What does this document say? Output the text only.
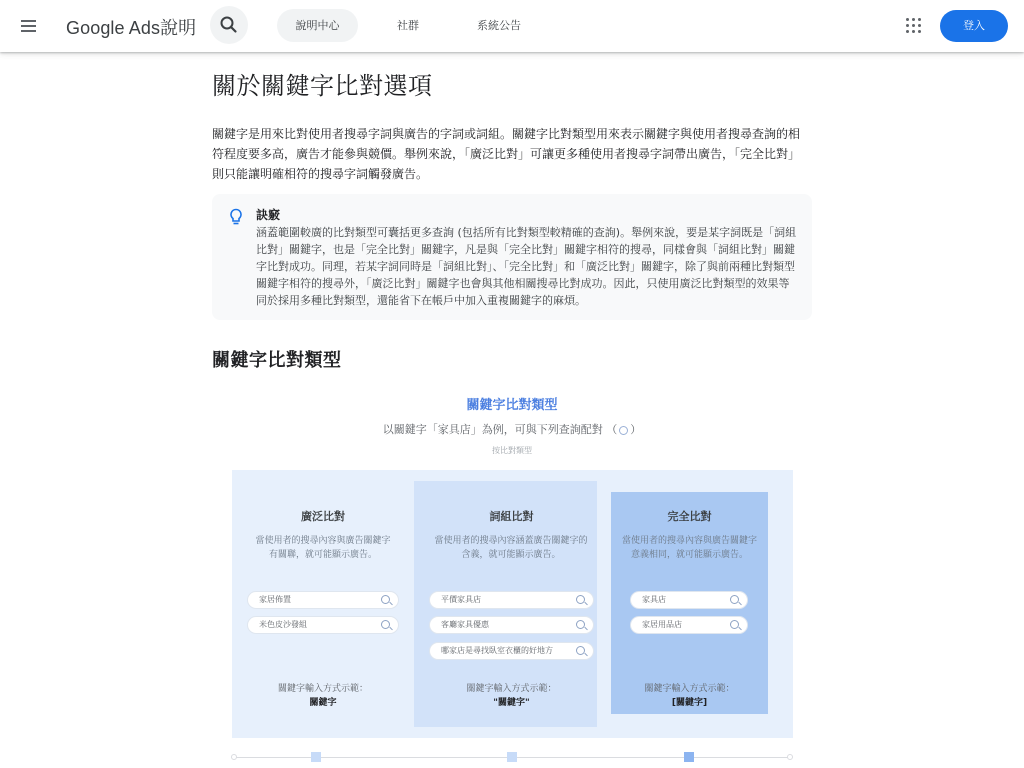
Google Ads說明	說明中心	社群	系統公告	登入
關於關鍵字比對選項

關鍵字是用來比對使用者搜尋字詞與廣告的字詞或詞組。關鍵字比對類型用來表示關鍵字與使用者搜尋查詢的相符程度要多高，廣告才能參與競價。舉例來說，「廣泛比對」可讓更多種使用者搜尋字詞帶出廣告，「完全比對」則只能讓明確相符的搜尋字詞觸發廣告。

訣竅
涵蓋範圍較廣的比對類型可囊括更多查詢 (包括所有比對類型較精確的查詢)。舉例來說，要是某字詞既是「詞組比對」關鍵字，也是「完全比對」關鍵字，凡是與「完全比對」關鍵字相符的搜尋，同樣會與「詞組比對」關鍵字比對成功。同理，若某字詞同時是「詞組比對」、「完全比對」和「廣泛比對」關鍵字，除了與前兩種比對類型關鍵字相符的搜尋外，「廣泛比對」關鍵字也會與其他相關搜尋比對成功。因此，只使用廣泛比對類型的效果等同於採用多種比對類型，還能省下在帳戶中加入重複關鍵字的麻煩。
關鍵字比對類型
關鍵字比對類型
以關鍵字「家具店」為例，可與下列查詢配對 （ ）
按比對類型
廣泛比對
當使用者的搜尋內容與廣告關鍵字有關聯，就可能顯示廣告。
家居佈置
米色皮沙發組
關鍵字輸入方式示範：
關鍵字
詞組比對
當使用者的搜尋內容涵蓋廣告關鍵字的含義，就可能顯示廣告。
平價家具店
客廳家具優惠
哪家店是尋找臥室衣櫃的好地方
關鍵字輸入方式示範：
"關鍵字"
完全比對
當使用者的搜尋內容與廣告關鍵字意義相同，就可能顯示廣告。
家具店
家居用品店
關鍵字輸入方式示範：
[關鍵字]
